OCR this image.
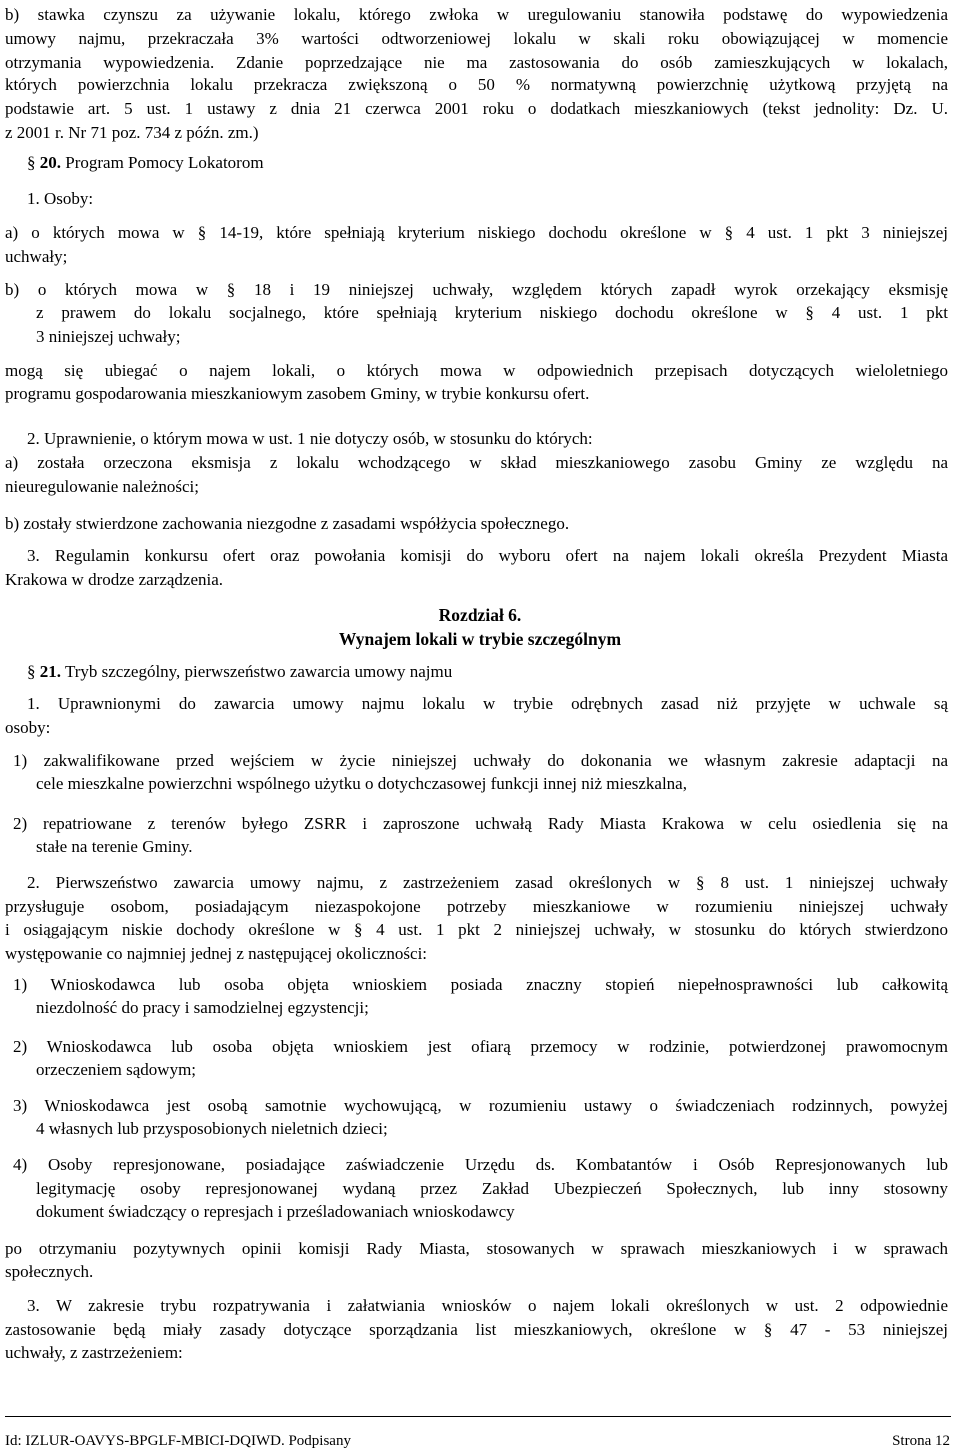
b) stawka czynszu za używanie lokalu, którego zwłoka w uregulowaniu stanowiła podstawę do wypowiedzenia
umowy najmu, przekraczała 3% wartości odtworzeniowej lokalu w skali roku obowiązującej w momencie
otrzymania wypowiedzenia. Zdanie poprzedzające nie ma zastosowania do osób zamieszkujących w lokalach,
których powierzchnia lokalu przekracza zwiększoną o 50 % normatywną powierzchnię użytkową przyjętą na
podstawie art. 5 ust. 1 ustawy z dnia 21 czerwca 2001 roku o dodatkach mieszkaniowych (tekst jednolity: Dz. U.
z 2001 r. Nr 71 poz. 734 z późn. zm.)
a) o których mowa w § 14-19, które spełniają kryterium niskiego dochodu określone w § 4 ust. 1 pkt 3 niniejszej
uchwały;
b) o których mowa w § 18 i 19 niniejszej uchwały, względem których zapadł wyrok orzekający eksmisję
z prawem do lokalu socjalnego, które spełniają kryterium niskiego dochodu określone w § 4 ust. 1 pkt
3 niniejszej uchwały;
mogą się ubiegać o najem lokali, o których mowa w odpowiednich przepisach dotyczących wieloletniego
programu gospodarowania mieszkaniowym zasobem Gminy, w trybie konkursu ofert.
a) została orzeczona eksmisja z lokalu wchodzącego w skład mieszkaniowego zasobu Gminy ze względu na
nieuregulowanie należności;
3. Regulamin konkursu ofert oraz powołania komisji do wyboru ofert na najem lokali określa Prezydent Miasta
Krakowa w drodze zarządzenia.
1. Uprawnionymi do zawarcia umowy najmu lokalu w trybie odrębnych zasad niż przyjęte w uchwale są
osoby:
1) zakwalifikowane przed wejściem w życie niniejszej uchwały do dokonania we własnym zakresie adaptacji na
cele mieszkalne powierzchni wspólnego użytku o dotychczasowej funkcji innej niż mieszkalna,
2) repatriowane z terenów byłego ZSRR i zaproszone uchwałą Rady Miasta Krakowa w celu osiedlenia się na
stałe na terenie Gminy.
2. Pierwszeństwo zawarcia umowy najmu, z zastrzeżeniem zasad określonych w § 8 ust. 1 niniejszej uchwały
przysługuje osobom, posiadającym niezaspokojone potrzeby mieszkaniowe w rozumieniu niniejszej uchwały
i osiągającym niskie dochody określone w § 4 ust. 1 pkt 2 niniejszej uchwały, w stosunku do których stwierdzono
występowanie co najmniej jednej z następującej okoliczności:
1) Wnioskodawca lub osoba objęta wnioskiem posiada znaczny stopień niepełnosprawności lub całkowitą
niezdolność do pracy i samodzielnej egzystencji;
2) Wnioskodawca lub osoba objęta wnioskiem jest ofiarą przemocy w rodzinie, potwierdzonej prawomocnym
orzeczeniem sądowym;
3) Wnioskodawca jest osobą samotnie wychowującą, w rozumieniu ustawy o świadczeniach rodzinnych, powyżej
4 własnych lub przysposobionych nieletnich dzieci;
4) Osoby represjonowane, posiadające zaświadczenie Urzędu ds. Kombatantów i Osób Represjonowanych lub
legitymację osoby represjonowanej wydaną przez Zakład Ubezpieczeń Społecznych, lub inny stosowny
dokument świadczący o represjach i prześladowaniach wnioskodawcy
po otrzymaniu pozytywnych opinii komisji Rady Miasta, stosowanych w sprawach mieszkaniowych i w sprawach
społecznych.
3. W zakresie trybu rozpatrywania i załatwiania wniosków o najem lokali określonych w ust. 2 odpowiednie
zastosowanie będą miały zasady dotyczące sporządzania list mieszkaniowych, określone w § 47 - 53 niniejszej
uchwały, z zastrzeżeniem:
1. Osoby:
2. Uprawnienie, o którym mowa w ust. 1 nie dotyczy osób, w stosunku do których:
b) zostały stwierdzone zachowania niezgodne z zasadami współżycia społecznego.
§ 20. Program Pomocy Lokatorom
§ 21. Tryb szczególny, pierwszeństwo zawarcia umowy najmu
Rozdział 6.
Wynajem lokali w trybie szczególnym
Id: IZLUR-OAVYS-BPGLF-MBICI-DQIWD. Podpisany	Strona 12
